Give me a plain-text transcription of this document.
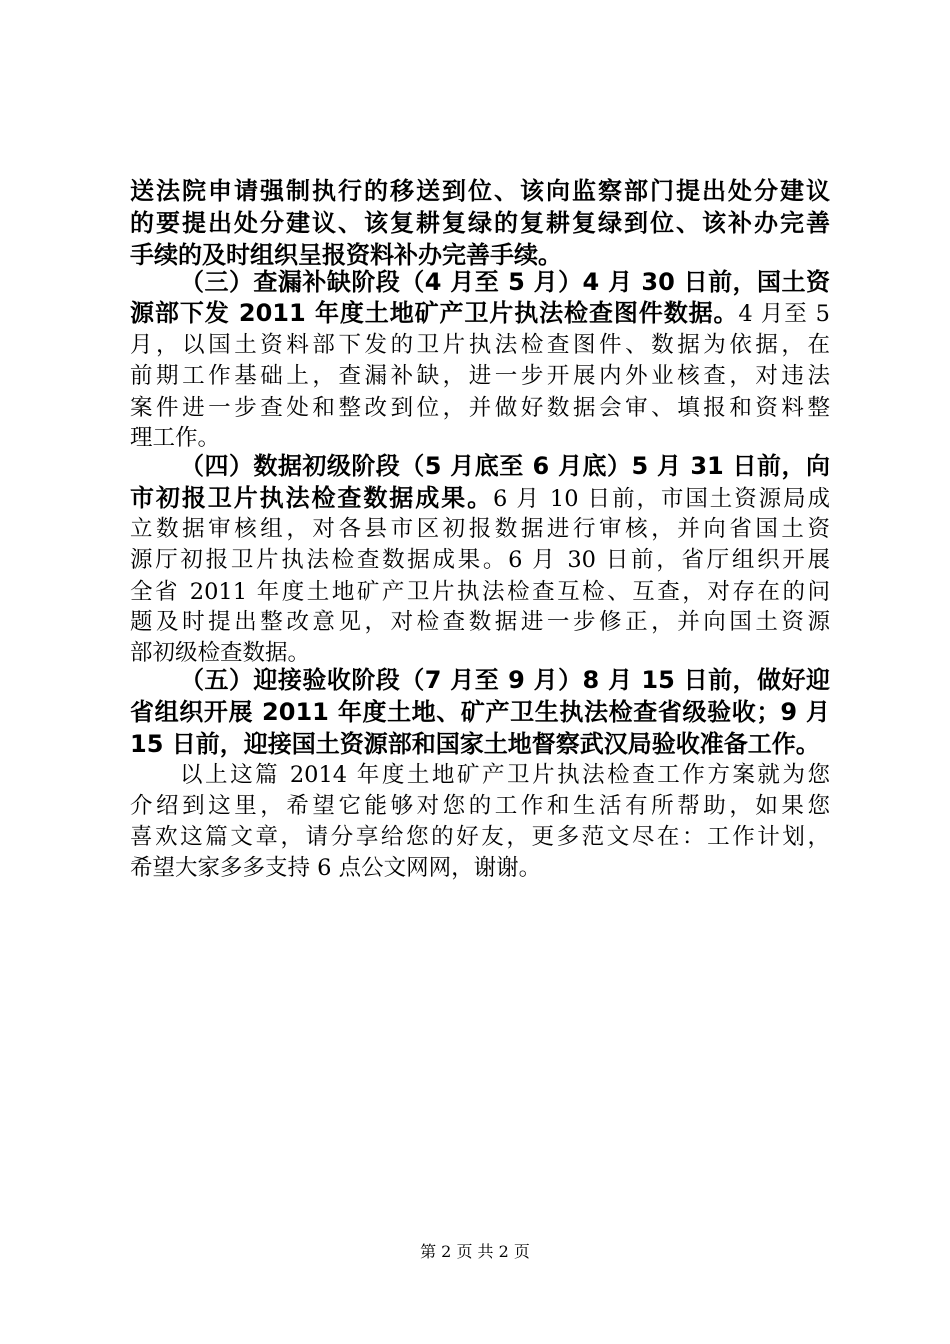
送法院申请强制执行的移送到位、该向监察部门提出处分建议
的要提出处分建议、该复耕复绿的复耕复绿到位、该补办完善
手续的及时组织呈报资料补办完善手续。
（三）查漏补缺阶段（4 月至 5 月）4 月 30 日前，国土资
源部下发 2011 年度土地矿产卫片执法检查图件数据。4 月至 5
月，以国土资料部下发的卫片执法检查图件、数据为依据，在
前期工作基础上，查漏补缺，进一步开展内外业核查，对违法
案件进一步查处和整改到位，并做好数据会审、填报和资料整
理工作。
（四）数据初级阶段（5 月底至 6 月底）5 月 31 日前，向
市初报卫片执法检查数据成果。6 月 10 日前，市国土资源局成
立数据审核组，对各县市区初报数据进行审核，并向省国土资
源厅初报卫片执法检查数据成果。6 月 30 日前，省厅组织开展
全省 2011 年度土地矿产卫片执法检查互检、互查，对存在的问
题及时提出整改意见，对检查数据进一步修正，并向国土资源
部初级检查数据。
（五）迎接验收阶段（7 月至 9 月）8 月 15 日前，做好迎
省组织开展 2011 年度土地、矿产卫生执法检查省级验收；9 月
15 日前，迎接国土资源部和国家土地督察武汉局验收准备工作。
以上这篇 2014 年度土地矿产卫片执法检查工作方案就为您
介绍到这里，希望它能够对您的工作和生活有所帮助，如果您
喜欢这篇文章，请分享给您的好友，更多范文尽在：工作计划，
希望大家多多支持 6 点公文网网，谢谢。
第 2 页 共 2 页
